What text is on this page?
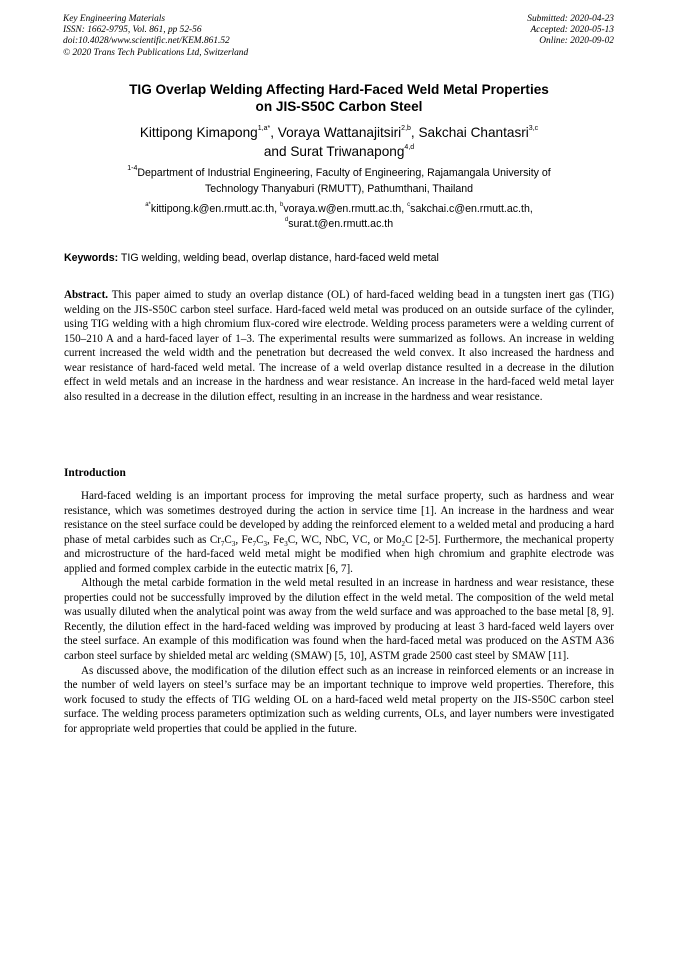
Key Engineering Materials
ISSN: 1662-9795, Vol. 861, pp 52-56
doi:10.4028/www.scientific.net/KEM.861.52
© 2020 Trans Tech Publications Ltd, Switzerland
Submitted: 2020-04-23
Accepted: 2020-05-13
Online: 2020-09-02
TIG Overlap Welding Affecting Hard-Faced Weld Metal Properties
on JIS-S50C Carbon Steel
Kittipong Kimapong$^{1,a*}$, Voraya Wattanajitsiri$^{2,b}$, Sakchai Chantasri$^{3,c}$
and Surat Triwanapong$^{4,d}$
$^{1-4}$Department of Industrial Engineering, Faculty of Engineering, Rajamangala University of
Technology Thanyaburi (RMUTT), Pathumthani, Thailand
$^{a*}$kittipong.k@en.rmutt.ac.th, $^b$voraya.w@en.rmutt.ac.th, $^c$sakchai.c@en.rmutt.ac.th,
$^d$surat.t@en.rmutt.ac.th
Keywords: TIG welding, welding bead, overlap distance, hard-faced weld metal
Abstract. This paper aimed to study an overlap distance (OL) of hard-faced welding bead in a tungsten inert gas (TIG) welding on the JIS-S50C carbon steel surface. Hard-faced weld metal was produced on an outside surface of the cylinder, using TIG welding with a high chromium flux-cored wire electrode. Welding process parameters were a welding current of 150–210 A and a hard-faced layer of 1–3. The experimental results were summarized as follows. An increase in welding current increased the weld width and the penetration but decreased the weld convex. It also increased the hardness and wear resistance of hard-faced weld metal. The increase of a weld overlap distance resulted in a decrease in the dilution effect in weld metals and an increase in the hardness and wear resistance. An increase in the hard-faced weld metal layer also resulted in a decrease in the dilution effect, resulting in an increase in the hardness and wear resistance.
Introduction

Hard-faced welding is an important process for improving the metal surface property, such as hardness and wear resistance, which was sometimes destroyed during the action in service time [1]. An increase in the hardness and wear resistance on the steel surface could be developed by adding the reinforced element to a welded metal and producing a hard phase of metal carbides such as $Cr_7C_3$, $Fe_7C_3$, $Fe_3C$, WC, NbC, VC, or $Mo_2C$ [2-5]. Furthermore, the mechanical property and microstructure of the hard-faced weld metal might be modified when high chromium and graphite electrode was applied and formed complex carbide in the eutectic matrix [6, 7].

Although the metal carbide formation in the weld metal resulted in an increase in hardness and wear resistance, these properties could not be successfully improved by the dilution effect in the weld metal. The composition of the weld metal was usually diluted when the analytical point was away from the weld surface and was approached to the base metal [8, 9]. Recently, the dilution effect in the hard-faced welding was improved by producing at least 3 hard-faced weld layers over the steel surface. An example of this modification was found when the hard-faced metal was produced on the ASTM A36 carbon steel surface by shielded metal arc welding (SMAW) [5, 10], ASTM grade 2500 cast steel by SMAW [11].

As discussed above, the modification of the dilution effect such as an increase in reinforced elements or an increase in the number of weld layers on steel’s surface may be an important technique to improve weld properties. Therefore, this work focused to study the effects of TIG welding OL on a hard-faced weld metal property on the JIS-S50C carbon steel surface. The welding process parameters optimization such as welding currents, OLs, and layer numbers were investigated for appropriate weld properties that could be applied in the future.
